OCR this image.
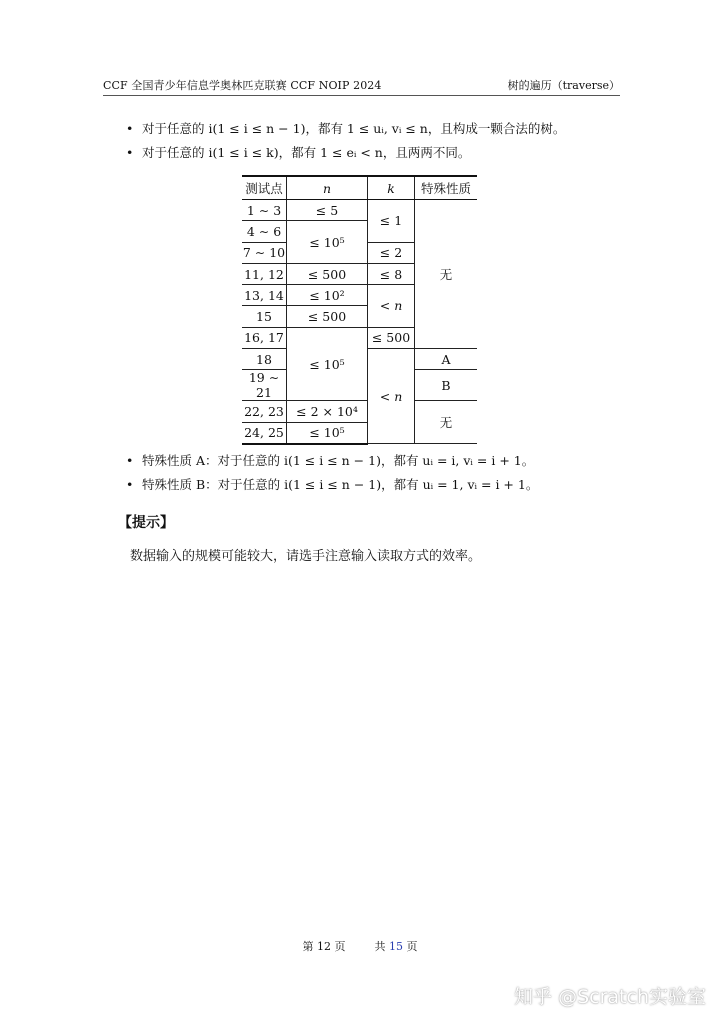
CCF 全国青少年信息学奥林匹克联赛 CCF NOIP 2024	树的遍历（traverse）
• 对于任意的 i(1 ≤ i ≤ n − 1)，都有 1 ≤ uᵢ, vᵢ ≤ n，且构成一颗合法的树。
• 对于任意的 i(1 ≤ i ≤ k)，都有 1 ≤ eᵢ < n，且两两不同。
测试点	n	k	特殊性质
1 ∼ 3	≤ 5	≤ 1	无
4 ∼ 6	≤ 10⁵		
7 ∼ 10		≤ 2	
11, 12	≤ 500	≤ 8	
13, 14	≤ 10²	< n	
15	≤ 500		
16, 17	≤ 10⁵	≤ 500	
18		< n	A
19 ∼ 21			B
22, 23	≤ 2 × 10⁴		无
24, 25	≤ 10⁵		
• 特殊性质 A：对于任意的 i(1 ≤ i ≤ n − 1)，都有 uᵢ = i, vᵢ = i + 1。
• 特殊性质 B：对于任意的 i(1 ≤ i ≤ n − 1)，都有 uᵢ = 1, vᵢ = i + 1。
【提示】
数据输入的规模可能较大，请选手注意输入读取方式的效率。
第 12 页	共 15 页
知乎 @Scratch实验室
